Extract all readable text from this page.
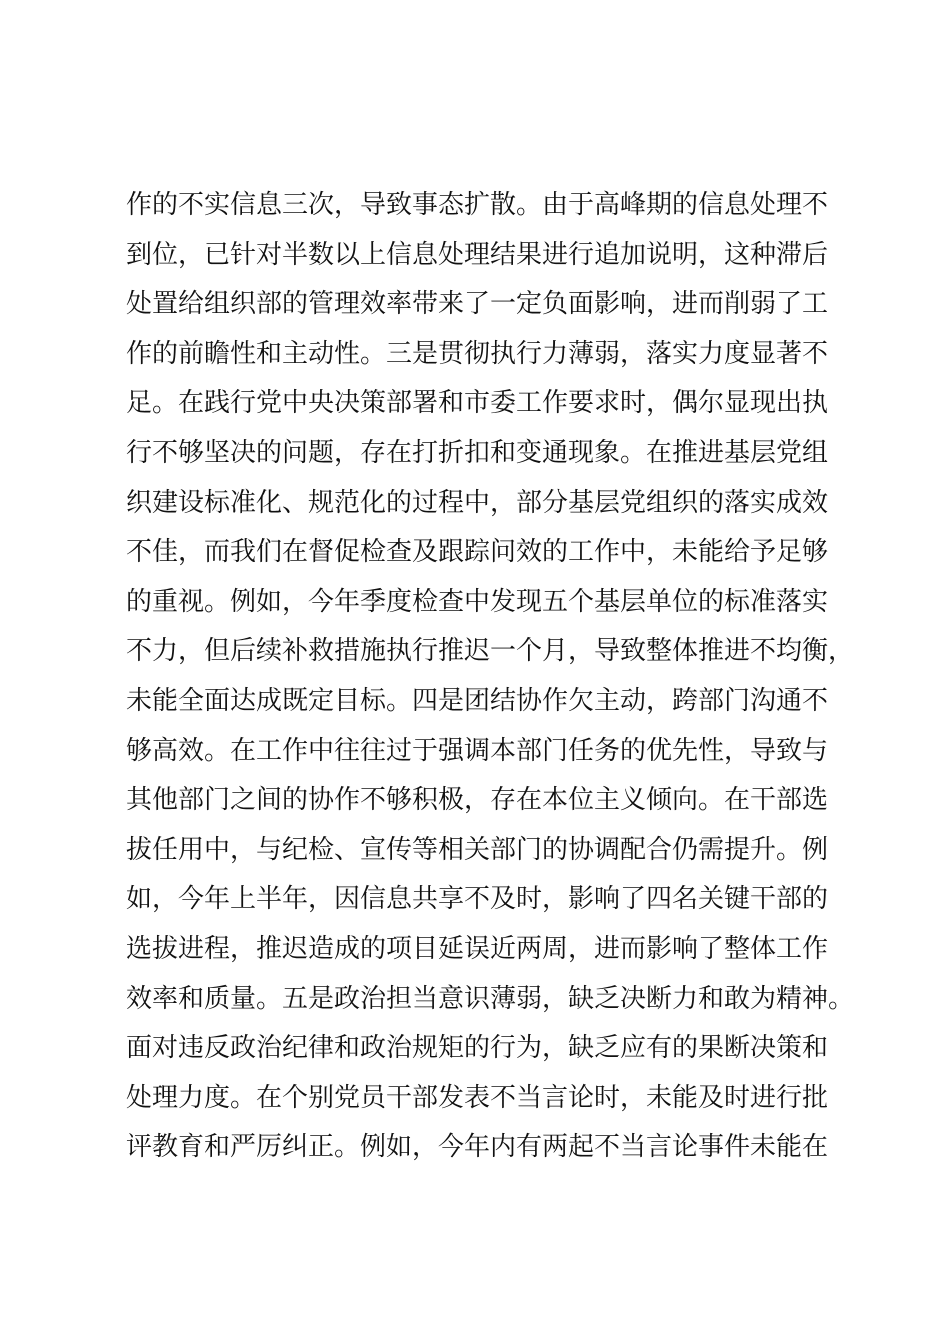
作的不实信息三次，导致事态扩散。由于高峰期的信息处理不
到位，已针对半数以上信息处理结果进行追加说明，这种滞后
处置给组织部的管理效率带来了一定负面影响，进而削弱了工
作的前瞻性和主动性。三是贯彻执行力薄弱，落实力度显著不
足。在践行党中央决策部署和市委工作要求时，偶尔显现出执
行不够坚决的问题，存在打折扣和变通现象。在推进基层党组
织建设标准化、规范化的过程中，部分基层党组织的落实成效
不佳，而我们在督促检查及跟踪问效的工作中，未能给予足够
的重视。例如，今年季度检查中发现五个基层单位的标准落实
不力，但后续补救措施执行推迟一个月，导致整体推进不均衡，
未能全面达成既定目标。四是团结协作欠主动，跨部门沟通不
够高效。在工作中往往过于强调本部门任务的优先性，导致与
其他部门之间的协作不够积极，存在本位主义倾向。在干部选
拔任用中，与纪检、宣传等相关部门的协调配合仍需提升。例
如，今年上半年，因信息共享不及时，影响了四名关键干部的
选拔进程，推迟造成的项目延误近两周，进而影响了整体工作
效率和质量。五是政治担当意识薄弱，缺乏决断力和敢为精神。
面对违反政治纪律和政治规矩的行为，缺乏应有的果断决策和
处理力度。在个别党员干部发表不当言论时，未能及时进行批
评教育和严厉纠正。例如，今年内有两起不当言论事件未能在
